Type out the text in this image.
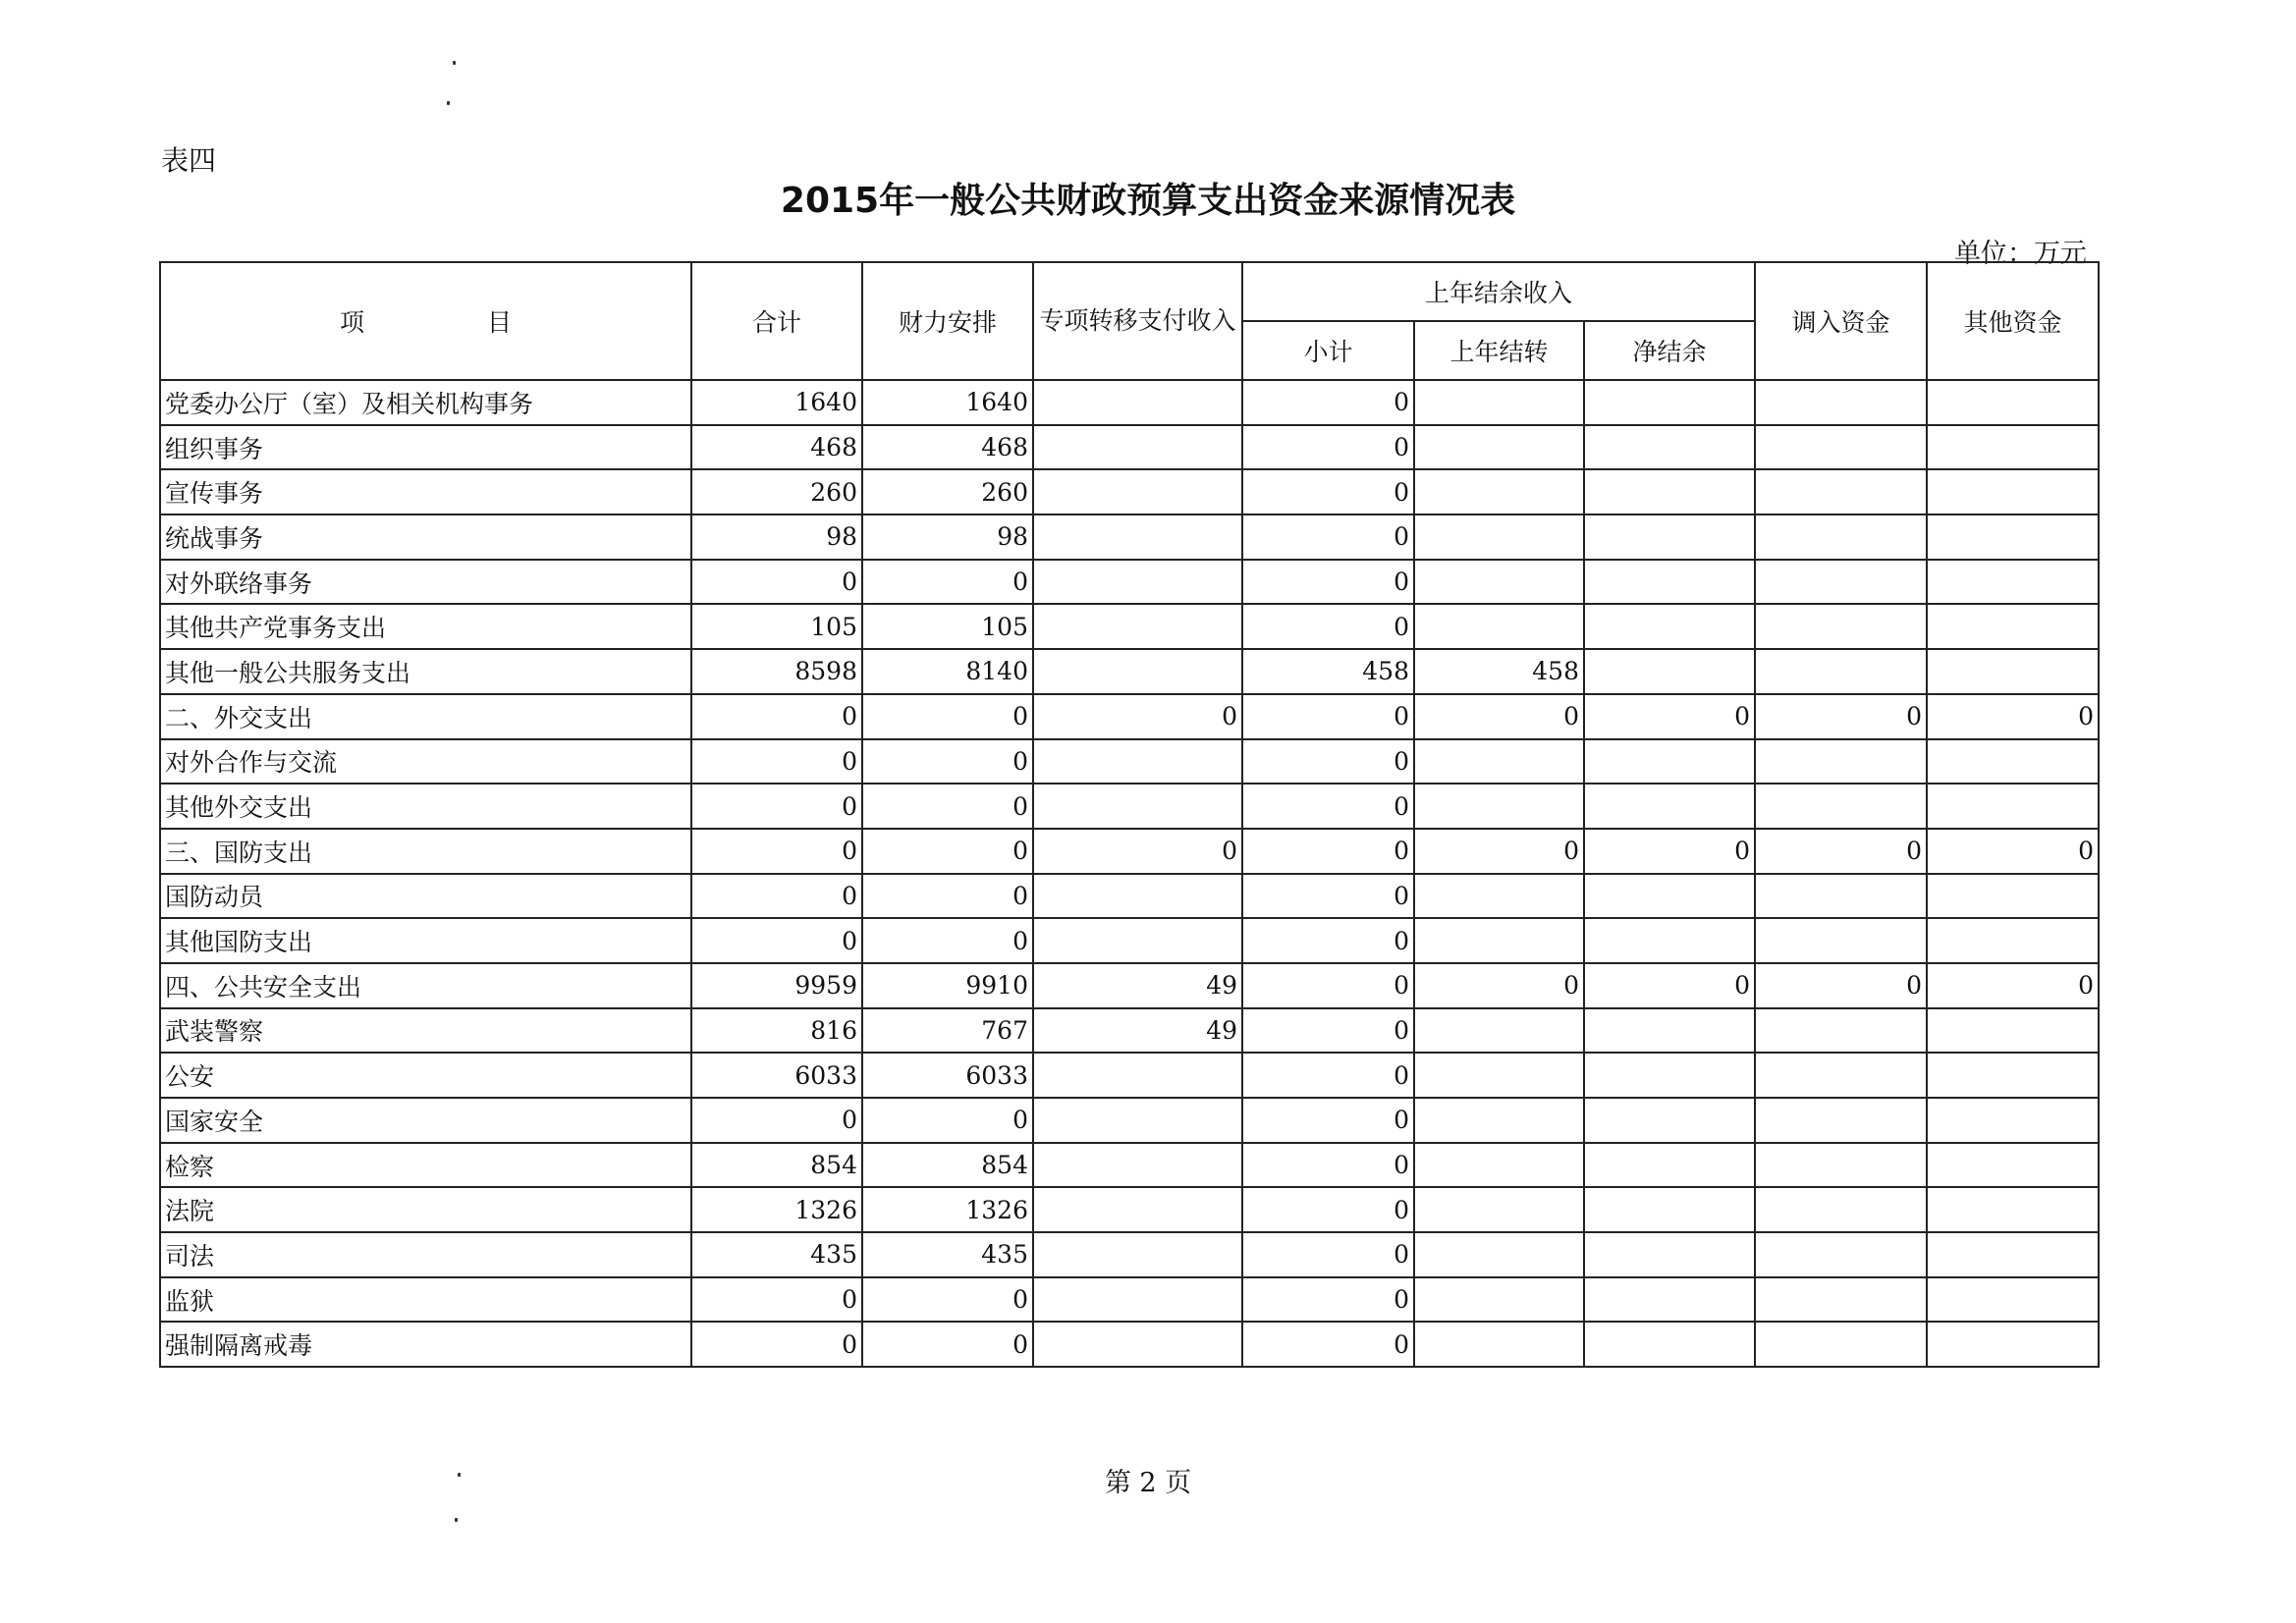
表四
2015年一般公共财政预算支出资金来源情况表
单位：万元
项　　　　　目	合计	财力安排	专项转移支付收入	上年结余收入			调入资金	其他资金
				小计	上年结转	净结余		
党委办公厅（室）及相关机构事务	1640	1640		0				
组织事务	468	468		0				
宣传事务	260	260		0				
统战事务	98	98		0				
对外联络事务	0	0		0				
其他共产党事务支出	105	105		0				
其他一般公共服务支出	8598	8140		458	458			
二、外交支出	0	0	0	0	0	0	0	0
对外合作与交流	0	0		0				
其他外交支出	0	0		0				
三、国防支出	0	0	0	0	0	0	0	0
国防动员	0	0		0				
其他国防支出	0	0		0				
四、公共安全支出	9959	9910	49	0	0	0	0	0
武装警察	816	767	49	0				
公安	6033	6033		0				
国家安全	0	0		0				
检察	854	854		0				
法院	1326	1326		0				
司法	435	435		0				
监狱	0	0		0				
强制隔离戒毒	0	0		0				
第 2 页
